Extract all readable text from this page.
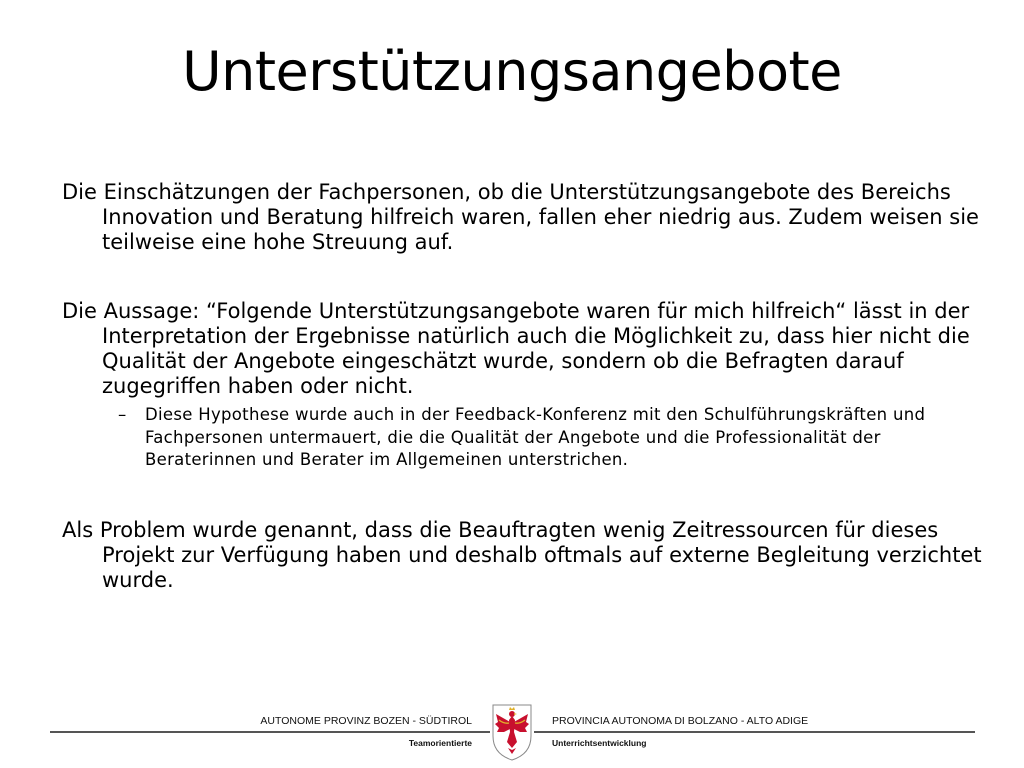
Unterstützungsangebote

Die Einschätzungen der Fachpersonen, ob die Unterstützungsangebote des Bereichs Innovation und Beratung hilfreich waren, fallen eher niedrig aus. Zudem weisen sie teilweise eine hohe Streuung auf.

Die Aussage: “Folgende Unterstützungsangebote waren für mich hilfreich“ lässt in der Interpretation der Ergebnisse natürlich auch die Möglichkeit zu, dass hier nicht die Qualität der Angebote eingeschätzt wurde, sondern ob die Befragten darauf zugegriffen haben oder nicht.

– Diese Hypothese wurde auch in der Feedback-Konferenz mit den Schulführungskräften und Fachpersonen untermauert, die die Qualität der Angebote und die Professionalität der Beraterinnen und Berater im Allgemeinen unterstrichen.

Als Problem wurde genannt, dass die Beauftragten wenig Zeitressourcen für dieses Projekt zur Verfügung haben und deshalb oftmals auf externe Begleitung verzichtet wurde.

AUTONOME PROVINZ BOZEN - SÜDTIROL	PROVINCIA AUTONOMA DI BOLZANO - ALTO ADIGE
Teamorientierte	Unterrichtsentwicklung
